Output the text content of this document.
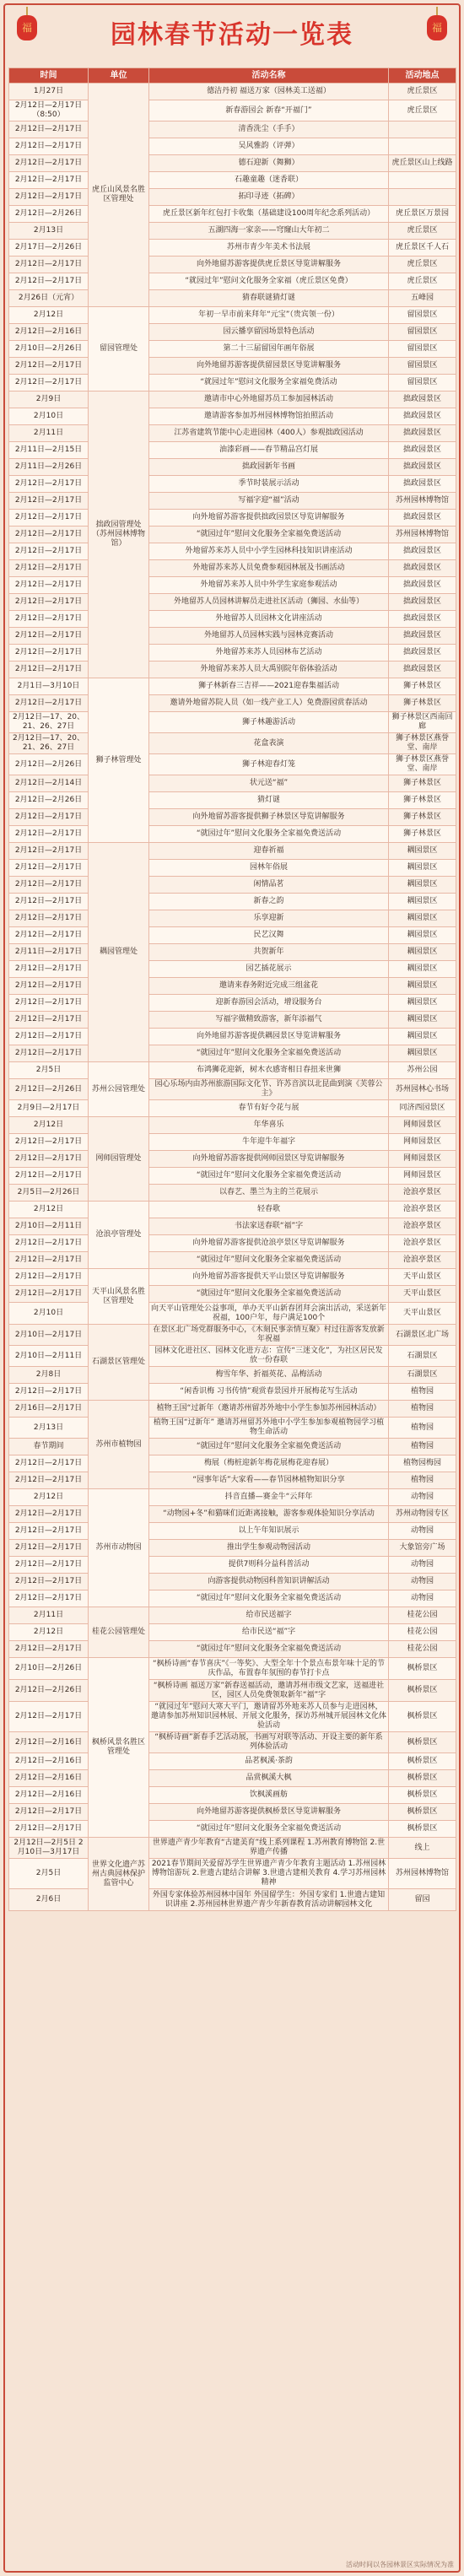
福	园林春节活动一览表	福
时间	单位	活动名称	活动地点
1月27日	虎丘山风景名胜区管理处	德洁丹初 福送万家（园林美工送福）	虎丘景区
2月12日—2月17日（8:50）		新春游园会 新春“开福门”	虎丘景区
2月12日—2月17日		清香洗尘（手手）	
2月12日—2月17日		吴风雅韵（评弹）	
2月12日—2月17日		德石迎新（舞狮）	虎丘景区山上线路
2月12日—2月17日		石趣童趣（迷香联）	
2月12日—2月17日		拓印寻迹（拓碑）	
2月12日—2月26日		虎丘景区新年红包打卡收集（基础建设100周年纪念系列活动）	虎丘景区万景园
2月13日		五湖四海一家亲——穹窿山大年初二	虎丘景区
2月17日—2月26日		苏州市青少年美术书法展	虎丘景区千人石
2月12日—2月17日		向外地留苏游客提供虎丘景区导览讲解服务	虎丘景区
2月12日—2月17日		“就园过年”慰问文化服务全家福（虎丘景区免费）	虎丘景区
2月26日（元宵）		猜春联谜猜灯谜	五峰园
2月12日	留园管理处	年初一早市前来拜年“元宝”（贵宾领一份）	留园景区
2月12日—2月16日		园云播享留园场景特色活动	留园景区
2月10日—2月26日		第二十三届留园年画年俗展	留园景区
2月12日—2月17日		向外地留苏游客提供留园景区导览讲解服务	留园景区
2月12日—2月17日		“就园过年”慰问文化服务全家福免费活动	留园景区
2月9日	拙政园管理处（苏州园林博物馆）	邀请市中心外地留苏员工参加园林活动	拙政园景区
2月10日		邀请游客参加苏州园林博物馆拍照活动	拙政园景区
2月11日		江苏省建筑节能中心走进园林（400人）参观拙政园活动	拙政园景区
2月11日—2月15日		油漆彩画——春节精品宫灯展	拙政园景区
2月11日—2月26日		拙政园新年书画	拙政园景区
2月12日—2月17日		季节时装展示活动	拙政园景区
2月12日—2月17日		写福字迎“福”活动	苏州园林博物馆
2月12日—2月17日		向外地留苏游客提供拙政园景区导览讲解服务	拙政园景区
2月12日—2月17日		“就园过年”慰问文化服务全家福免费送活动	苏州园林博物馆
2月12日—2月17日		外地留苏来苏人员中小学生园林科技知识讲座活动	拙政园景区
2月12日—2月17日		外地留苏来苏人员免费参观园林展及书画活动	拙政园景区
2月12日—2月17日		外地留苏来苏人员中外学生家庭参观活动	拙政园景区
2月12日—2月17日		外地留苏人员园林讲解员走进社区活动（狮园、水仙等）	拙政园景区
2月12日—2月17日		外地留苏人员园林文化讲座活动	拙政园景区
2月12日—2月17日		外地留苏人员园林实践与园林竞赛活动	拙政园景区
2月12日—2月17日		外地留苏来苏人员园林布艺活动	拙政园景区
2月12日—2月17日		外地留苏来苏人员大禹别院年俗体验活动	拙政园景区
2月1日—3月10日	狮子林管理处	狮子林新春三吉祥——2021迎春集福活动	狮子林景区
2月12日—2月17日		邀请外地留苏院人员（如一线产业工人）免费游园赏春活动	狮子林景区
2月12日—17、20、21、26、27日		狮子林趣游活动	狮子林景区西南回廊
2月12日—17、20、21、26、27日		花盒表演	狮子林景区燕誉堂、南岸
2月12日—2月26日		狮子林迎春灯笼	狮子林景区燕誉堂、南岸
2月12日—2月14日		状元送“福”	狮子林景区
2月12日—2月26日		猜灯谜	狮子林景区
2月12日—2月17日		向外地留苏游客提供狮子林景区导览讲解服务	狮子林景区
2月12日—2月17日		“就园过年”慰问文化服务全家福免费送活动	狮子林景区
2月12日—2月17日	耦园管理处	迎春祈福	耦园景区
2月12日—2月17日		园林年俗展	耦园景区
2月12日—2月17日		闲情品茗	耦园景区
2月12日—2月17日		新春之韵	耦园景区
2月12日—2月17日		乐享迎新	耦园景区
2月12日—2月17日		民艺汉舞	耦园景区
2月11日—2月17日		共贺新年	耦园景区
2月12日—2月17日		园艺插花展示	耦园景区
2月12日—2月17日		邀请来春务附近完成三组盆花	耦园景区
2月12日—2月17日		迎新春游园会活动，增设服务台	耦园景区
2月12日—2月17日		写福字做精致游客，新年添福气	耦园景区
2月12日—2月17日		向外地留苏游客提供耦园景区导览讲解服务	耦园景区
2月12日—2月17日		“就园过年”慰问文化服务全家福免费送活动	耦园景区
2月5日	苏州公园管理处	布鸿狮花迎新，树木衣感寄相日春扭来世狮	苏州公园
2月12日—2月26日		园心乐场内由苏州旅游国际文化节、许苏音滨以北昆曲到演《芙蓉公主》	苏州园林心书场
2月9日—2月17日		春节有好令花与展	同济西园景区
2月12日	网师园管理处	年华喜乐	网师园景区
2月12日—2月17日		牛年迎牛年福字	网师园景区
2月12日—2月17日		向外地留苏游客提供网师园景区导览讲解服务	网师园景区
2月12日—2月17日		“就园过年”慰问文化服务全家福免费送活动	网师园景区
2月5日—2月26日		以春艺、墨兰为主的兰花展示	沧浪亭景区
2月12日	沧浪亭管理处	轻春歌	沧浪亭景区
2月10日—2月11日		书法家送春联“福”字	沧浪亭景区
2月12日—2月17日		向外地留苏游客提供沧浪亭景区导览讲解服务	沧浪亭景区
2月12日—2月17日		“就园过年”慰问文化服务全家福免费送活动	沧浪亭景区
2月12日—2月17日	天平山风景名胜区管理处	向外地留苏游客提供天平山景区导览讲解服务	天平山景区
2月12日—2月17日		“就园过年”慰问文化服务全家福免费送活动	天平山景区
2月10日		向天平山管理处公益事项，单办天平山新春团拜会演出活动，采送新年祝福，100户年，每户满足100个	天平山景区
2月10日—2月17日	石湖景区管理处	在景区北广场党群服务中心，《木刻民事亲情互聚》村过往游客发放新年祝福	石湖景区北广场
2月10日—2月11日		园林文化进社区、园林文化进方志：宣传“三迷文化”，为社区居民发放一份春联	石湖景区
2月8日		梅雪年华、折福英花、品梅活动	石湖景区
2月12日—2月17日		“闲香识梅 习书传情”观赏春景园并开展梅花写生活动	植物园
2月16日—2月17日	苏州市植物园	植物王国“过新年（邀请苏州留苏外地中小学生参加苏州园林活动）	植物园
2月13日		植物王国“过新年” 邀请苏州留苏外地中小学生参加参观植物园学习植物生命活动	植物园
春节期间		“就园过年”慰问文化服务全家福免费送活动	植物园
2月12日—2月17日		梅展（梅桩迎新年梅花展梅花迎春展）	植物园梅园
2月12日—2月17日		“园事年话”大家看——春节园林植物知识分享	植物园
2月12日	苏州市动物园	抖音直播—赛金牛“云拜年	动物园
2月12日—2月17日		“动物园+冬”和猫咪们近距离接触，游客参观体验知识分享活动	苏州动物园专区
2月12日—2月17日		以上午年知识展示	动物园
2月12日—2月17日		推出学生参观动物园活动	大象馆旁广场
2月12日—2月17日		提供7则科分益科普活动	动物园
2月12日—2月17日		向游客提供动物园科普知识讲解活动	动物园
2月12日—2月17日		“就园过年”慰问文化服务全家福免费送活动	动物园
2月11日	桂花公园管理处	给市民送福字	桂花公园
2月12日		给市民送“福”字	桂花公园
2月12日—2月17日		“就园过年”慰问文化服务全家福免费送活动	桂花公园
2月10日—2月26日	枫桥风景名胜区管理处	“枫桥诗画“春节喜庆”《一等奖》、大型全年十个景点布景年味十足的节庆作品，布置春年氛围的春节打卡点	枫桥景区
2月12日—2月26日		“枫桥诗画 福送万家”新春送福活动，邀请苏州市级文艺家，送福进社区，园区人员免费领取新年“福”字	枫桥景区
2月12日—2月17日		“就园过年”慰问大寒大平门，邀请留苏外地来苏人员参与走进园林，邀请参加苏州知识园林展、开展文化服务，探访苏州城开展园林文化体验活动	枫桥景区
2月12日—2月16日		“枫桥诗画”新春手艺活动展，书画写对联等活动、开设主要的新年系列体验活动	枫桥景区
2月12日—2月16日		品茗枫溪·茶韵	枫桥景区
2月12日—2月16日		品赏枫溪大枫	枫桥景区
2月12日—2月16日		饮枫溪画舫	枫桥景区
2月12日—2月17日		向外地留苏游客提供枫桥景区导览讲解服务	枫桥景区
2月12日—2月17日		“就园过年”慰问文化服务全家福免费送活动	枫桥景区
2月12日—2月5日 2月10日—3月17日	世界文化遗产苏州古典园林保护监管中心	世界遗产青少年教育“古建美育”线上系列课程 1.苏州教育博物馆 2.世界遗产传播	线上
2月5日		2021春节期间关爱留苏学生世界遗产青少年教育主题活动 1.苏州园林博物馆游玩 2.世遗古建结合讲解 3.世遗古建相关教育 4.学习苏州园林精神	苏州园林博物馆
2月6日		外国专家体验苏州园林中国年 外国留学生：外国专家们 1.世遗古建知识讲座 2.苏州园林世界遗产青少年新春教育活动讲解园林文化	留园
活动时间以各园林景区实际情况为准
